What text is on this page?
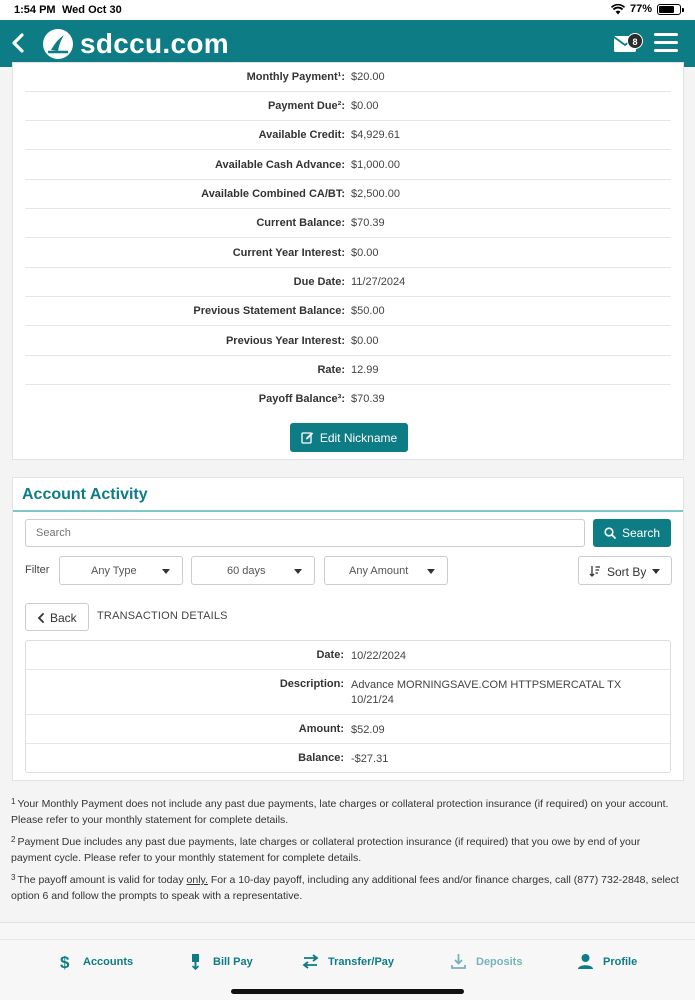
1:54 PM Wed Oct 30	77%
sdccu.com	8
Monthly Payment¹: $20.00
Payment Due²: $0.00
Available Credit: $4,929.61
Available Cash Advance: $1,000.00
Available Combined CA/BT: $2,500.00
Current Balance: $70.39
Current Year Interest: $0.00
Due Date: 11/27/2024
Previous Statement Balance: $50.00
Previous Year Interest: $0.00
Rate: 12.99
Payoff Balance³: $70.39
Edit Nickname
Account Activity
Search
Search
Filter	Any Type	60 days	Any Amount	Sort By
Back TRANSACTION DETAILS
Date: 10/22/2024
Description: Advance MORNINGSAVE.COM HTTPSMERCATAL TX 10/21/24
Amount: $52.09
Balance: -$27.31

$^1$ Your Monthly Payment does not include any past due payments, late charges or collateral protection insurance (if required) on your account. Please refer to your monthly statement for complete details.

$^2$ Payment Due includes any past due payments, late charges or collateral protection insurance (if required) that you owe by end of your payment cycle. Please refer to your monthly statement for complete details.

$^3$ The payoff amount is valid for today only. For a 10-day payoff, including any additional fees and/or finance charges, call (877) 732-2848, select option 6 and follow the prompts to speak with a representative.

$ Accounts	Bill Pay	Transfer/Pay	Deposits	Profile
